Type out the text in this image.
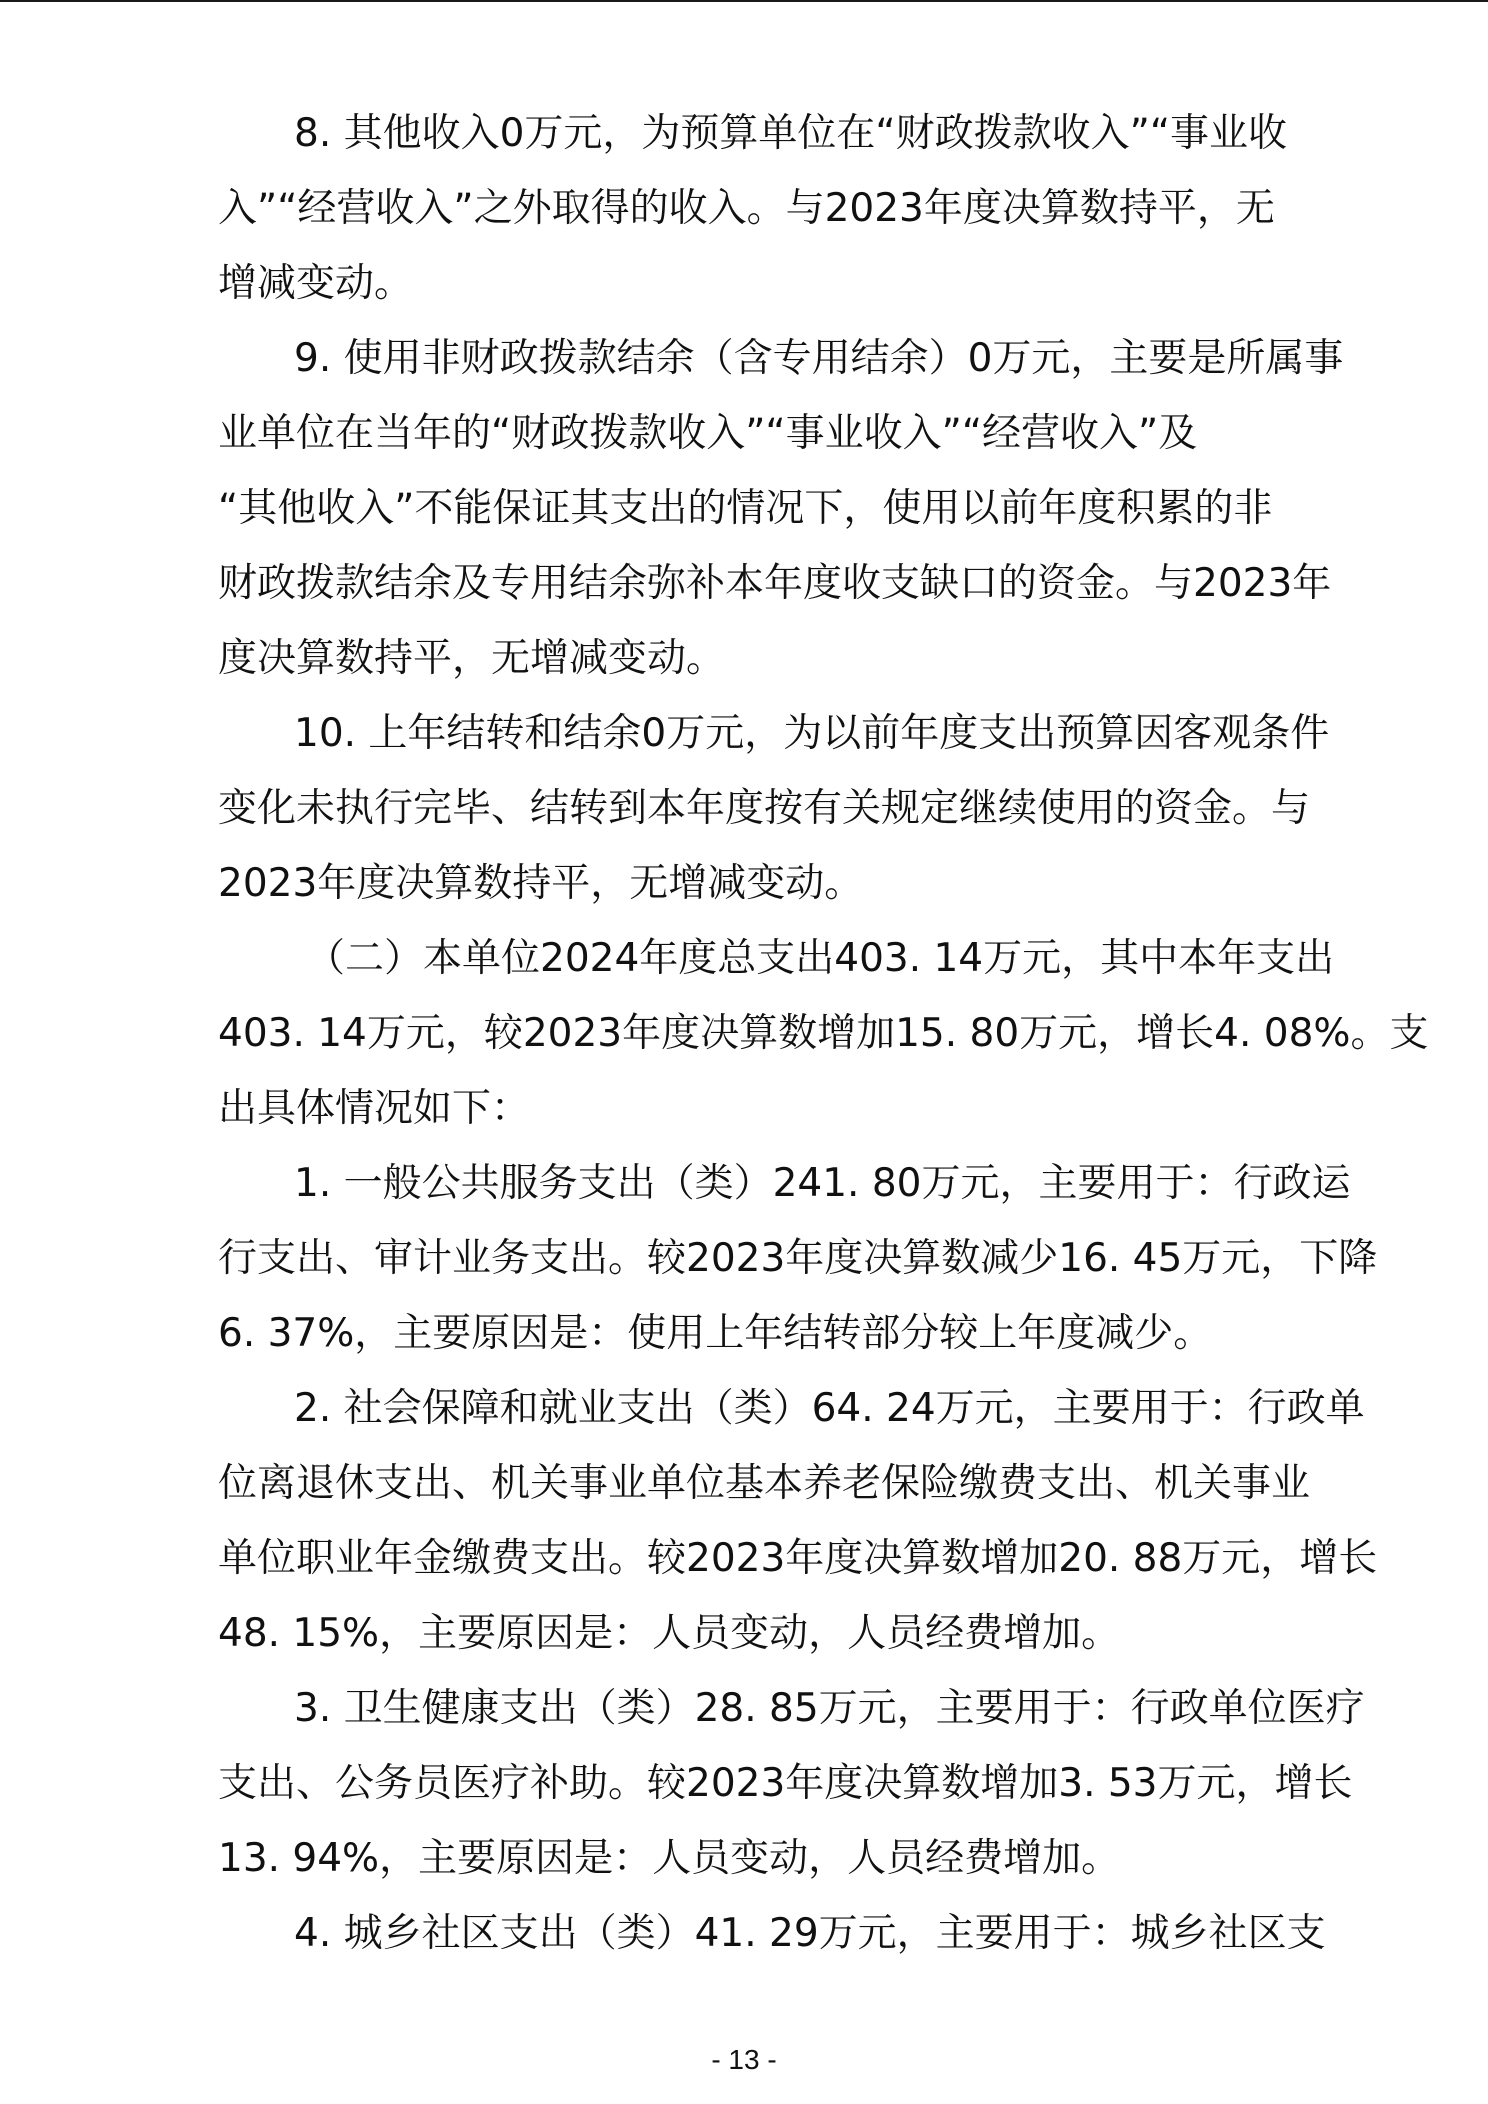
8. 其他收入0万元，为预算单位在“财政拨款收入”“事业收
入”“经营收入”之外取得的收入。与2023年度决算数持平，无
增减变动。
9. 使用非财政拨款结余（含专用结余）0万元，主要是所属事
业单位在当年的“财政拨款收入”“事业收入”“经营收入”及
“其他收入”不能保证其支出的情况下，使用以前年度积累的非
财政拨款结余及专用结余弥补本年度收支缺口的资金。与2023年
度决算数持平，无增减变动。
10. 上年结转和结余0万元，为以前年度支出预算因客观条件
变化未执行完毕、结转到本年度按有关规定继续使用的资金。与
2023年度决算数持平，无增减变动。
（二）本单位2024年度总支出403. 14万元，其中本年支出
403. 14万元，较2023年度决算数增加15. 80万元，增长4. 08%。支
出具体情况如下：
1. 一般公共服务支出（类）241. 80万元，主要用于：行政运
行支出、审计业务支出。较2023年度决算数减少16. 45万元，下降
6. 37%，主要原因是：使用上年结转部分较上年度减少。
2. 社会保障和就业支出（类）64. 24万元，主要用于：行政单
位离退休支出、机关事业单位基本养老保险缴费支出、机关事业
单位职业年金缴费支出。较2023年度决算数增加20. 88万元，增长
48. 15%，主要原因是：人员变动，人员经费增加。
3. 卫生健康支出（类）28. 85万元，主要用于：行政单位医疗
支出、公务员医疗补助。较2023年度决算数增加3. 53万元，增长
13. 94%，主要原因是：人员变动，人员经费增加。
4. 城乡社区支出（类）41. 29万元，主要用于：城乡社区支
- 13 -
